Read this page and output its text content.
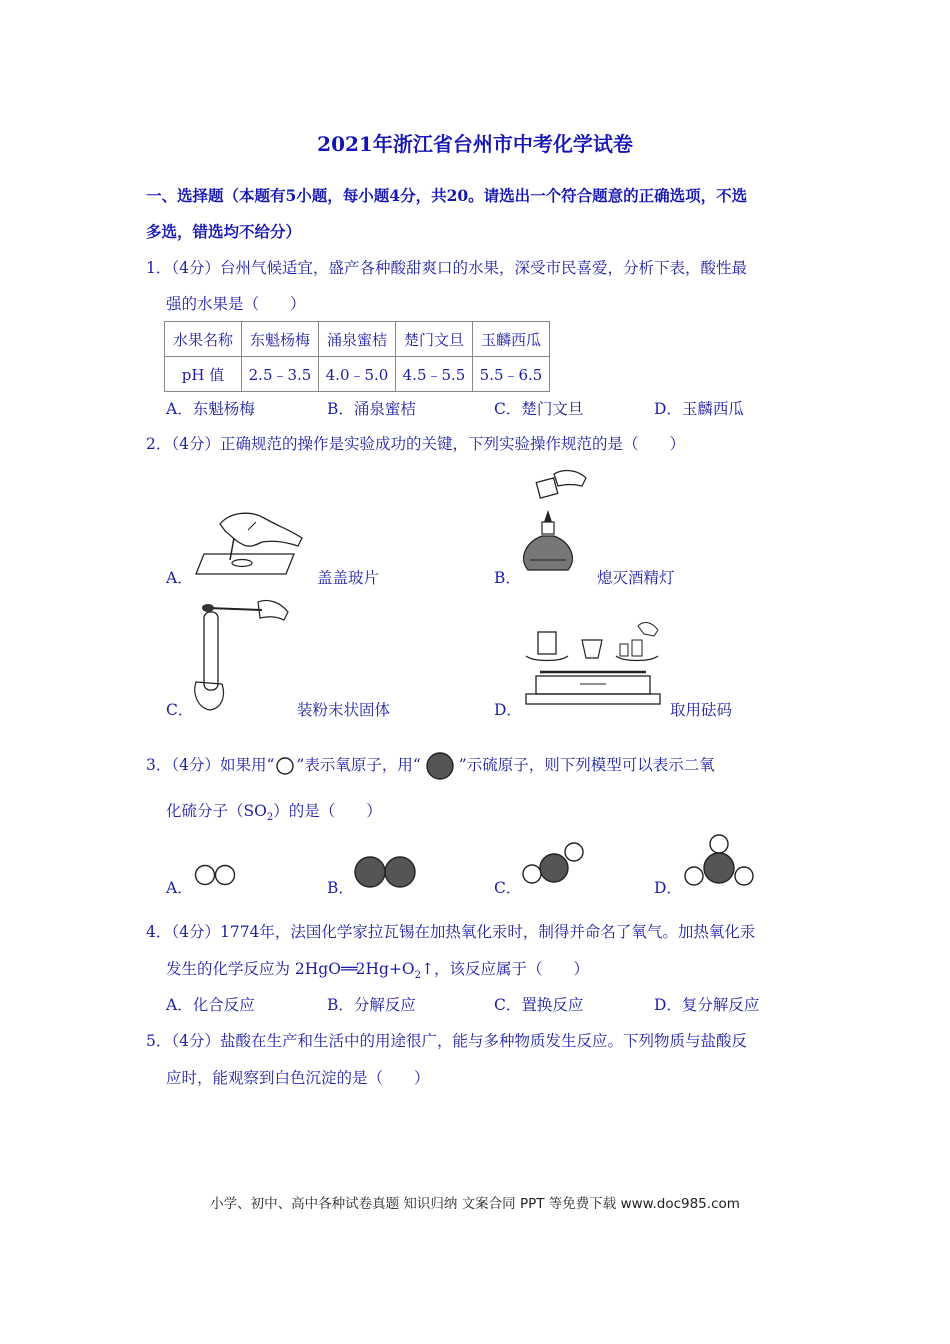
2021年浙江省台州市中考化学试卷
一、选择题（本题有5小题，每小题4分，共20。请选出一个符合题意的正确选项，不选
多选，错选均不给分）
1．（4分）台州气候适宜，盛产各种酸甜爽口的水果，深受市民喜爱，分析下表，酸性最
强的水果是（　　）
水果名称	东魁杨梅	涌泉蜜桔	楚门文旦	玉麟西瓜
pH 值	2.5﹣3.5	4.0﹣5.0	4.5﹣5.5	5.5﹣6.5
A．东魁杨梅	B．涌泉蜜桔	C．楚门文旦	D．玉麟西瓜
2．（4分）正确规范的操作是实验成功的关键，下列实验操作规范的是（　　）
A．	盖盖玻片	B．	熄灭酒精灯
C．	装粉末状固体	D．	取用砝码
3．（4分）如果用“ ”表示氧原子，用“ ”示硫原子，则下列模型可以表示二氧
化硫分子$(SO_2)$的是（　　）
A．	B．	C．	D．
4．（4分）1774年，法国化学家拉瓦锡在加热氧化汞时，制得并命名了氧气。加热氧化汞
发生的化学反应为 $2HgO══2Hg+O_2↑$，该反应属于（　　）
A．化合反应	B．分解反应	C．置换反应	D．复分解反应
5．（4分）盐酸在生产和生活中的用途很广，能与多种物质发生反应。下列物质与盐酸反
应时，能观察到白色沉淀的是（　　）
小学、初中、高中各种试卷真题 知识归纳 文案合同 PPT 等免费下载 www.doc985.com
